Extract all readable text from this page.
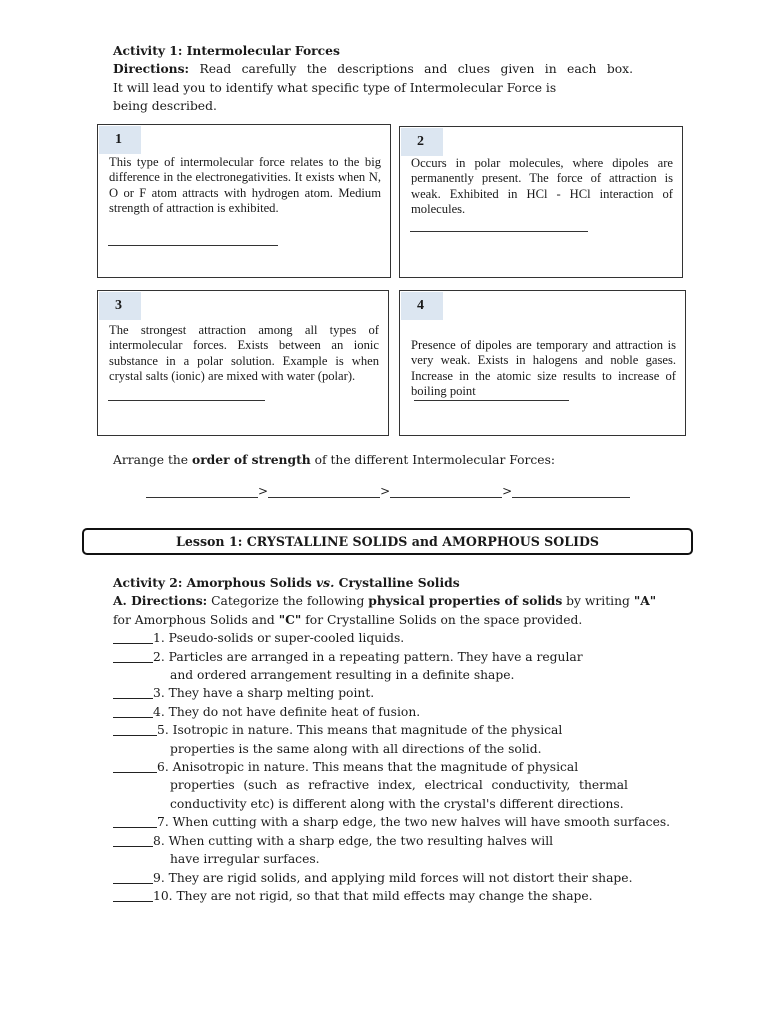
Activity 1: Intermolecular Forces
Directions: Read carefully the descriptions and clues given in each box.
It will lead you to identify what specific type of Intermolecular Force is
being described.
1
This type of intermolecular force relates to the big difference in the electronegativities. It exists when N, O or F atom attracts with hydrogen atom. Medium strength of attraction is exhibited.
2
Occurs in polar molecules, where dipoles are permanently present. The force of attraction is weak. Exhibited in HCl - HCl interaction of molecules.
3
The strongest attraction among all types of intermolecular forces. Exists between an ionic substance in a polar solution. Example is when crystal salts (ionic) are mixed with water (polar).
4
Presence of dipoles are temporary and attraction is very weak. Exists in halogens and noble gases. Increase in the atomic size results to increase of boiling point
Arrange the order of strength of the different Intermolecular Forces:
>	>	>
Lesson 1: CRYSTALLINE SOLIDS and AMORPHOUS SOLIDS
Activity 2: Amorphous Solids vs. Crystalline Solids
A. Directions: Categorize the following physical properties of solids by writing "A"
for Amorphous Solids and "C" for Crystalline Solids on the space provided.
1. Pseudo-solids or super-cooled liquids.
2. Particles are arranged in a repeating pattern. They have a regular
and ordered arrangement resulting in a definite shape.
3. They have a sharp melting point.
4. They do not have definite heat of fusion.
5. Isotropic in nature. This means that magnitude of the physical
properties is the same along with all directions of the solid.
6. Anisotropic in nature. This means that the magnitude of physical
properties (such as refractive index, electrical conductivity, thermal conductivity etc) is different along with the crystal's different directions.
7. When cutting with a sharp edge, the two new halves will have smooth surfaces.
8. When cutting with a sharp edge, the two resulting halves will
have irregular surfaces.
9. They are rigid solids, and applying mild forces will not distort their shape.
10. They are not rigid, so that that mild effects may change the shape.
